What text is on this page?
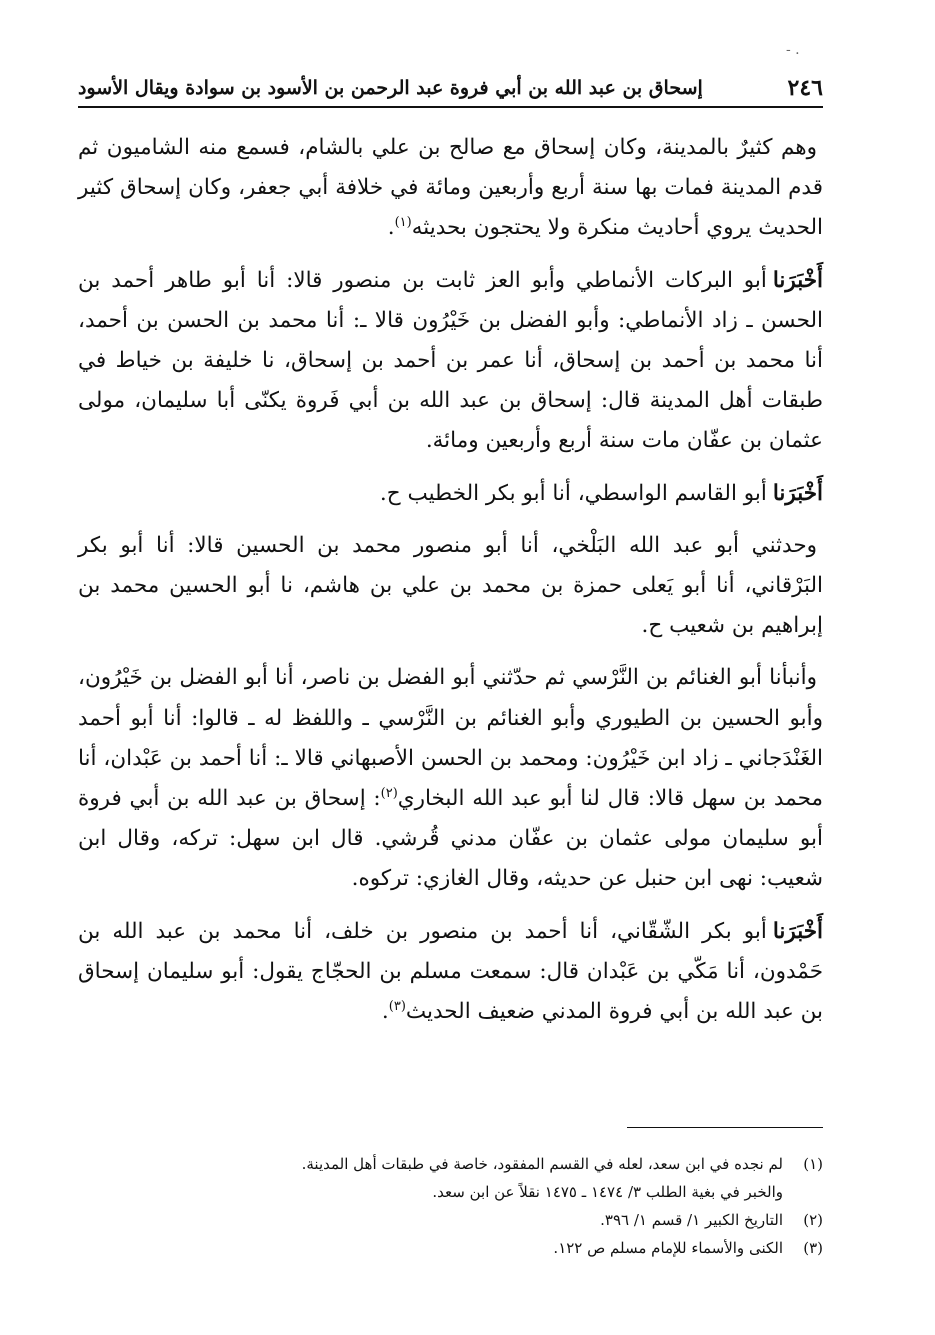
- .
٢٤٦
إسحاق بن عبد الله بن أبي فروة عبد الرحمن بن الأسود بن سوادة ويقال الأسود

وهم كثيرٌ بالمدينة، وكان إسحاق مع صالح بن علي بالشام، فسمع منه الشاميون ثم قدم المدينة فمات بها سنة أربع وأربعين ومائة في خلافة أبي جعفر، وكان إسحاق كثير الحديث يروي أحاديث منكرة ولا يحتجون بحديثه$^{(١)}$.

أَخْبَرَناأبو البركات الأنماطي وأبو العز ثابت بن منصور قالا: أنا أبو طاهر أحمد بن الحسن ـ زاد الأنماطي: وأبو الفضل بن خَيْرُون قالا ـ: أنا محمد بن الحسن بن أحمد، أنا محمد بن أحمد بن إسحاق، أنا عمر بن أحمد بن إسحاق، نا خليفة بن خياط في طبقات أهل المدينة قال: إسحاق بن عبد الله بن أبي فَروة يكنّى أبا سليمان، مولى عثمان بن عفّان مات سنة أربع وأربعين ومائة.

أَخْبَرَناأبو القاسم الواسطي، أنا أبو بكر الخطيب ح.

وحدثني أبو عبد الله البَلْخي، أنا أبو منصور محمد بن الحسين قالا: أنا أبو بكر البَرْقاني، أنا أبو يَعلى حمزة بن محمد بن علي بن هاشم، نا أبو الحسين محمد بن إبراهيم بن شعيب ح.

وأنبأنا أبو الغنائم بن النَّرْسي ثم حدّثني أبو الفضل بن ناصر، أنا أبو الفضل بن خَيْرُون، وأبو الحسين بن الطيوري وأبو الغنائم بن النَّرْسي ـ واللفظ له ـ قالوا: أنا أبو أحمد الغَنْدَجاني ـ زاد ابن خَيْرُون: ومحمد بن الحسن الأصبهاني قالا ـ: أنا أحمد بن عَبْدان، أنا محمد بن سهل قالا: قال لنا أبو عبد الله البخاري$^{(٢)}$: إسحاق بن عبد الله بن أبي فروة أبو سليمان مولى عثمان بن عفّان مدني قُرشي. قال ابن سهل: تركه، وقال ابن شعيب: نهى ابن حنبل عن حديثه، وقال الغازي: تركوه.

أَخْبَرَناأبو بكر الشّقّاني، أنا أحمد بن منصور بن خلف، أنا محمد بن عبد الله بن حَمْدون، أنا مَكّي بن عَبْدان قال: سمعت مسلم بن الحجّاج يقول: أبو سليمان إسحاق بن عبد الله بن أبي فروة المدني ضعيف الحديث$^{(٣)}$.

(١)
لم نجده في ابن سعد، لعله في القسم المفقود، خاصة في طبقات أهل المدينة.
والخبر في بغية الطلب ٣/ ١٤٧٤ ـ ١٤٧٥ نقلاً عن ابن سعد.
(٢)
التاريخ الكبير ١/ قسم ١/ ٣٩٦.
(٣)
الكنى والأسماء للإمام مسلم ص ١٢٢.
